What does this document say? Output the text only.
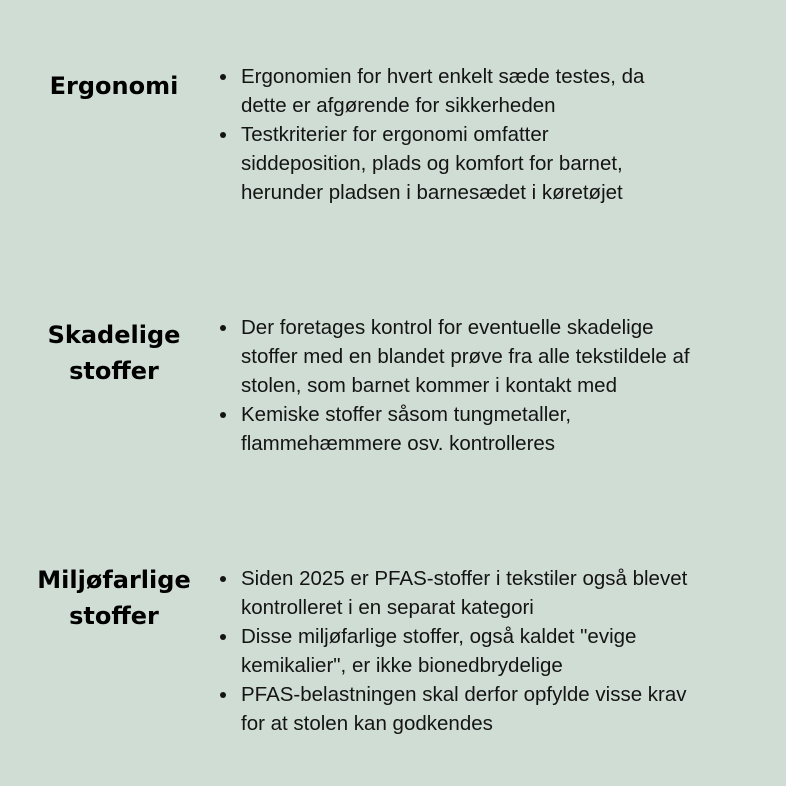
Ergonomi	Ergonomien for hvert enkelt sæde testes, da
dette er afgørende for sikkerheden
Testkriterier for ergonomi omfatter
siddeposition, plads og komfort for barnet,
herunder pladsen i barnesædet i køretøjet
Skadelige
stoffer
Der foretages kontrol for eventuelle skadelige
stoffer med en blandet prøve fra alle tekstildele af
stolen, som barnet kommer i kontakt med
Kemiske stoffer såsom tungmetaller,
flammehæmmere osv. kontrolleres
Miljøfarlige
stoffer
Siden 2025 er PFAS-stoffer i tekstiler også blevet
kontrolleret i en separat kategori
Disse miljøfarlige stoffer, også kaldet "evige
kemikalier", er ikke bionedbrydelige
PFAS-belastningen skal derfor opfylde visse krav
for at stolen kan godkendes
